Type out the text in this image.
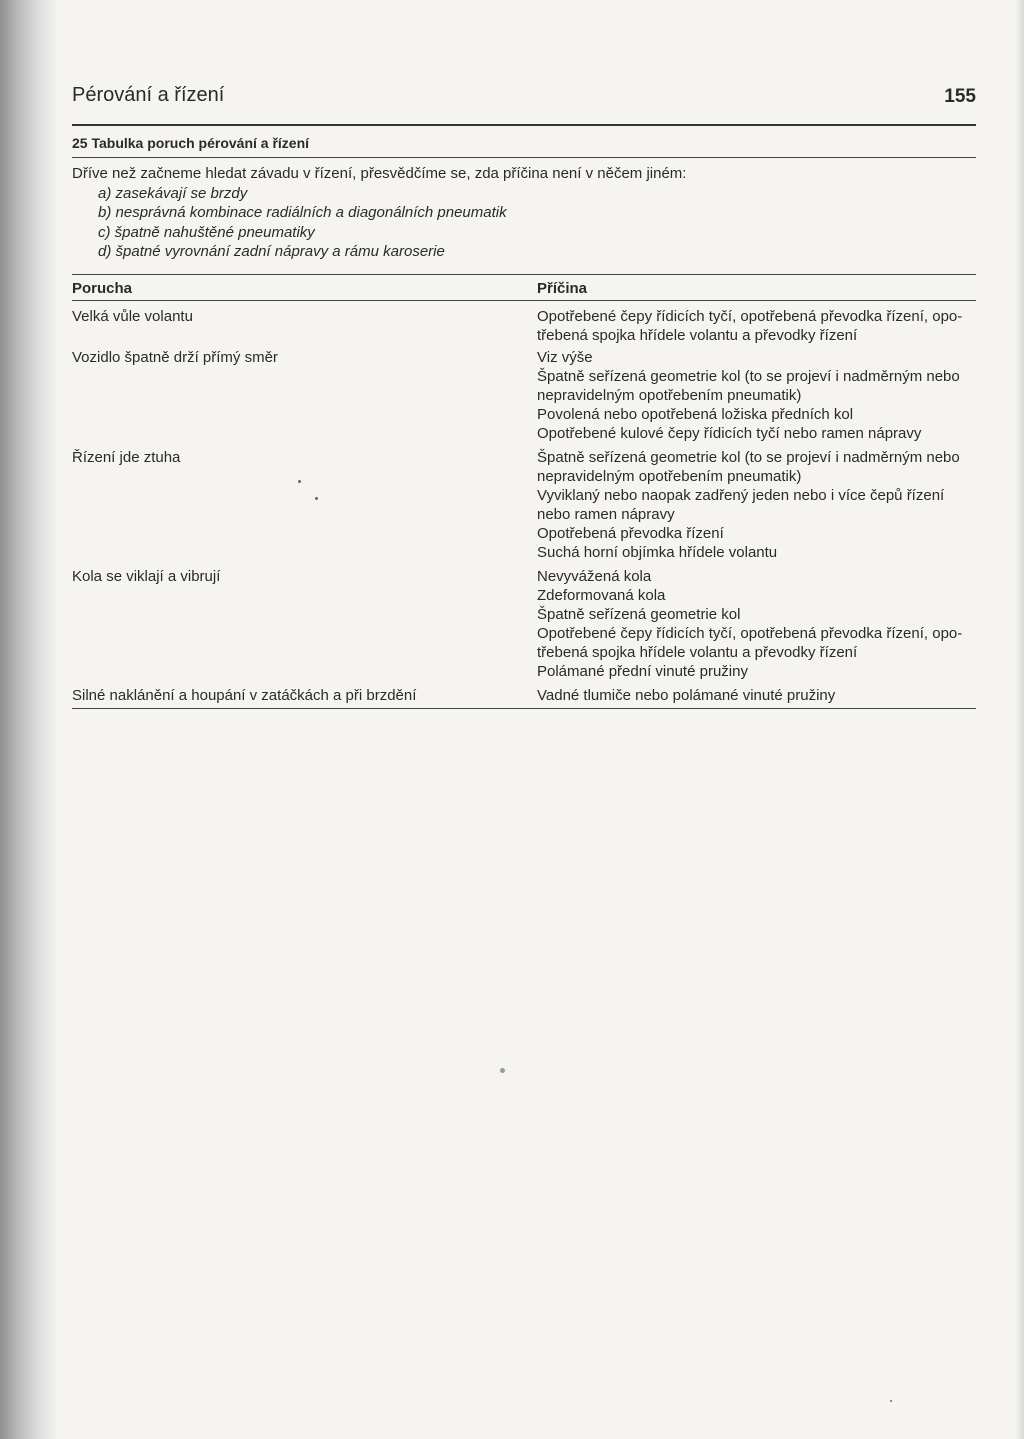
Pérování a řízení	155
25 Tabulka poruch pérování a řízení
Dříve než začneme hledat závadu v řízení, přesvědčíme se, zda příčina není v něčem jiném:
a) zasekávají se brzdy
b) nesprávná kombinace radiálních a diagonálních pneumatik
c) špatně nahuštěné pneumatiky
d) špatné vyrovnání zadní nápravy a rámu karoserie
Porucha	Příčina
Velká vůle volantu	Opotřebené čepy řídicích tyčí, opotřebená převodka řízení, opo-
třebená spojka hřídele volantu a převodky řízení
Vozidlo špatně drží přímý směr	Viz výše
Špatně seřízená geometrie kol (to se projeví i nadměrným nebo
nepravidelným opotřebením pneumatik)
Povolená nebo opotřebená ložiska předních kol
Opotřebené kulové čepy řídicích tyčí nebo ramen nápravy
Řízení jde ztuha	Špatně seřízená geometrie kol (to se projeví i nadměrným nebo
nepravidelným opotřebením pneumatik)
Vyviklaný nebo naopak zadřený jeden nebo i více čepů řízení
nebo ramen nápravy
Opotřebená převodka řízení
Suchá horní objímka hřídele volantu
Kola se viklají a vibrují	Nevyvážená kola
Zdeformovaná kola
Špatně seřízená geometrie kol
Opotřebené čepy řídicích tyčí, opotřebená převodka řízení, opo-
třebená spojka hřídele volantu a převodky řízení
Polámané přední vinuté pružiny
Silné naklánění a houpání v zatáčkách a při brzdění	Vadné tlumiče nebo polámané vinuté pružiny
